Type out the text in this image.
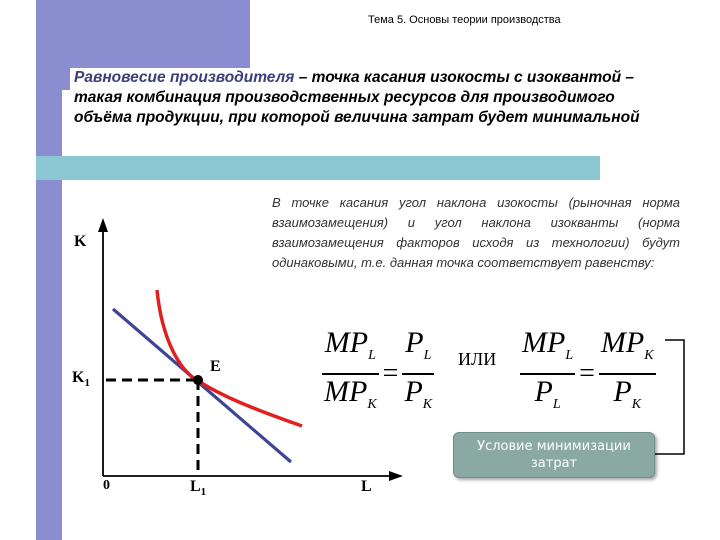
Тема 5. Основы теории производства
Равновесие производителя – точка касания изокосты с изоквантой – такая комбинация производственных ресурсов для производимого объёма продукции, при которой величина затрат будет минимальной
В точке касания угол наклона изокосты (рыночная норма взаимозамещения) и угол наклона изокванты (норма взаимозамещения факторов исходя из технологии) будут одинаковыми, т.е. данная точка соответствует равенству:
K
$K_1$
E
0	$L_1$	L
$\frac{MP_L}{MP_K} = \frac{P_L}{P_K}$ ИЛИ $\frac{MP_L}{P_L} = \frac{MP_K}{P_K}$
Условие минимизации затрат
